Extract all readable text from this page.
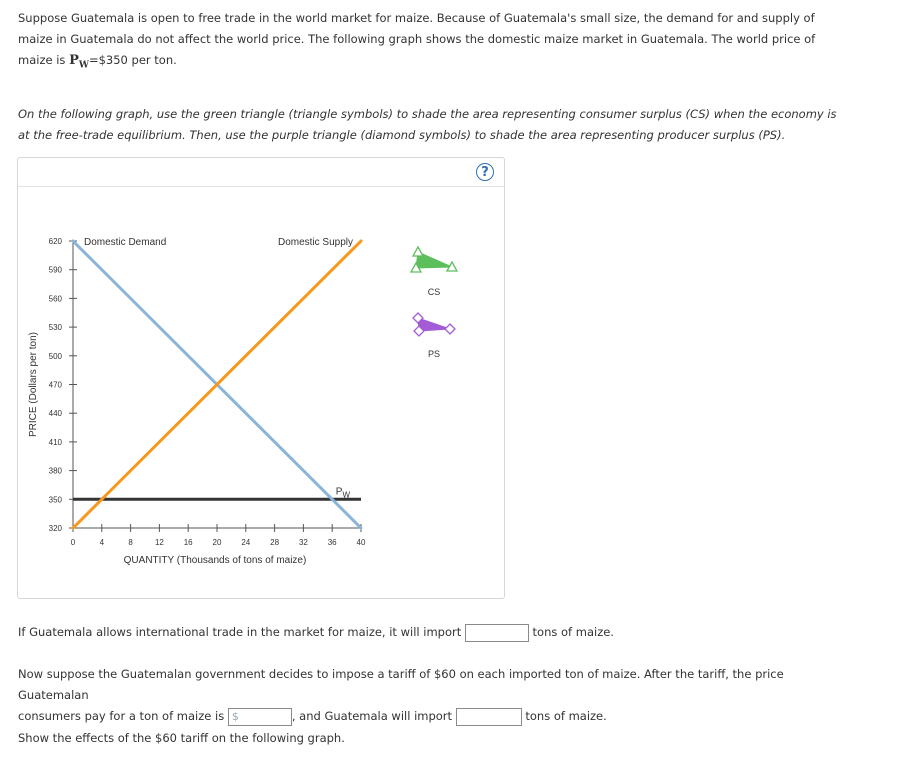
Suppose Guatemala is open to free trade in the world market for maize. Because of Guatemala's small size, the demand for and supply of maize in Guatemala do not affect the world price. The following graph shows the domestic maize market in Guatemala. The world price of maize is $P_W=\$350$ per ton.
On the following graph, use the green triangle (triangle symbols) to shade the area representing consumer surplus (CS) when the economy is at the free-trade equilibrium. Then, use the purple triangle (diamond symbols) to shade the area representing producer surplus (PS).
?
320
350
380
410
440
470
500
530
560
590
620
0	4	8	12 16 20 24 28 32 36 40
QUANTITY (Thousands of tons of maize)
PRICE (Dollars per ton)
$P_W$
Domestic Demand	Domestic Supply
CS
PS
If Guatemala allows international trade in the market for maize, it will import	tons of maize.
Now suppose the Guatemalan government decides to impose a tariff of $60 on each imported ton of maize. After the tariff, the price Guatemalan
consumers pay for a ton of maize is $	, and Guatemala will import	tons of maize.
Show the effects of the $60 tariff on the following graph.
